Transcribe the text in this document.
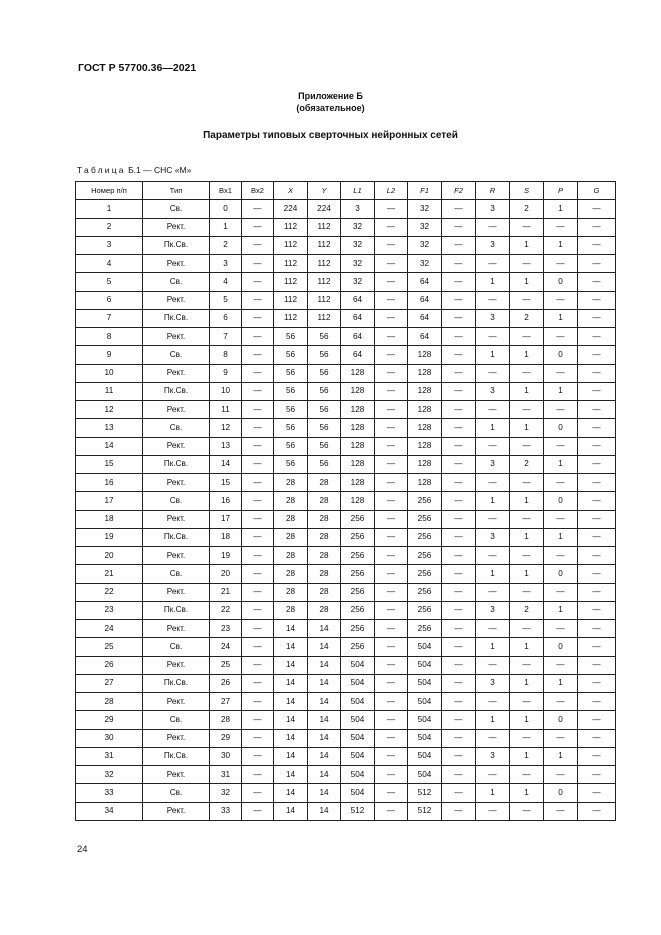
ГОСТ Р 57700.36—2021
Приложение Б
(обязательное)
Параметры типовых сверточных нейронных сетей
Таблица Б.1 — СНС «М»
Номер п/п	Тип	Вх1	Вх2	X	Y	L1	L2	F1	F2	R	S	P	G
1	Св.	0	—	224	224	3	—	32	—	3	2	1	—
2	Рект.	1	—	112	112	32	—	32	—	—	—	—	—
3	Пк.Св.	2	—	112	112	32	—	32	—	3	1	1	—
4	Рект.	3	—	112	112	32	—	32	—	—	—	—	—
5	Св.	4	—	112	112	32	—	64	—	1	1	0	—
6	Рект.	5	—	112	112	64	—	64	—	—	—	—	—
7	Пк.Св.	6	—	112	112	64	—	64	—	3	2	1	—
8	Рект.	7	—	56	56	64	—	64	—	—	—	—	—
9	Св.	8	—	56	56	64	—	128	—	1	1	0	—
10	Рект.	9	—	56	56	128	—	128	—	—	—	—	—
11	Пк.Св.	10	—	56	56	128	—	128	—	3	1	1	—
12	Рект.	11	—	56	56	128	—	128	—	—	—	—	—
13	Св.	12	—	56	56	128	—	128	—	1	1	0	—
14	Рект.	13	—	56	56	128	—	128	—	—	—	—	—
15	Пк.Св.	14	—	56	56	128	—	128	—	3	2	1	—
16	Рект.	15	—	28	28	128	—	128	—	—	—	—	—
17	Св.	16	—	28	28	128	—	256	—	1	1	0	—
18	Рект.	17	—	28	28	256	—	256	—	—	—	—	—
19	Пк.Св.	18	—	28	28	256	—	256	—	3	1	1	—
20	Рект.	19	—	28	28	256	—	256	—	—	—	—	—
21	Св.	20	—	28	28	256	—	256	—	1	1	0	—
22	Рект.	21	—	28	28	256	—	256	—	—	—	—	—
23	Пк.Св.	22	—	28	28	256	—	256	—	3	2	1	—
24	Рект.	23	—	14	14	256	—	256	—	—	—	—	—
25	Св.	24	—	14	14	256	—	504	—	1	1	0	—
26	Рект.	25	—	14	14	504	—	504	—	—	—	—	—
27	Пк.Св.	26	—	14	14	504	—	504	—	3	1	1	—
28	Рект.	27	—	14	14	504	—	504	—	—	—	—	—
29	Св.	28	—	14	14	504	—	504	—	1	1	0	—
30	Рект.	29	—	14	14	504	—	504	—	—	—	—	—
31	Пк.Св.	30	—	14	14	504	—	504	—	3	1	1	—
32	Рект.	31	—	14	14	504	—	504	—	—	—	—	—
33	Св.	32	—	14	14	504	—	512	—	1	1	0	—
34	Рект.	33	—	14	14	512	—	512	—	—	—	—	—
24
